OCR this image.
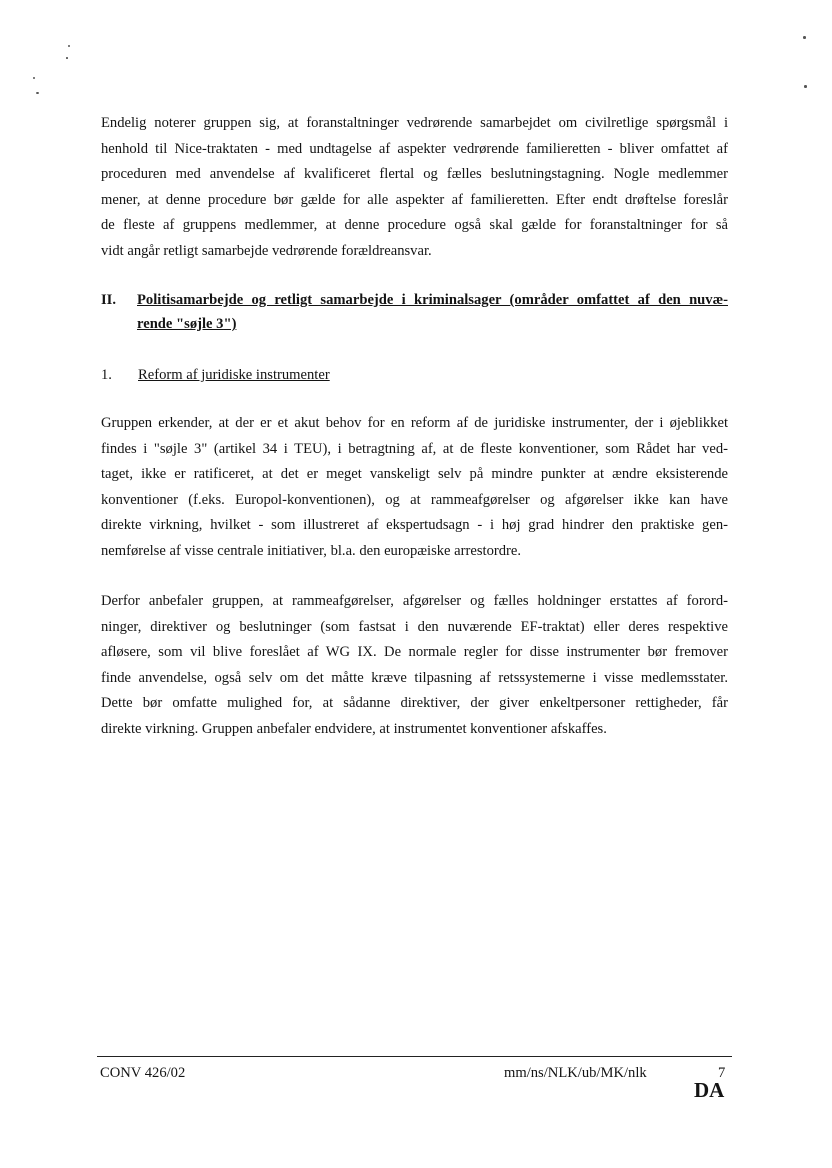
Endelig noterer gruppen sig, at foranstaltninger vedrørende samarbejdet om civilretlige spørgsmål i
henhold til Nice-traktaten - med undtagelse af aspekter vedrørende familieretten - bliver omfattet af
proceduren med anvendelse af kvalificeret flertal og fælles beslutningstagning. Nogle medlemmer
mener, at denne procedure bør gælde for alle aspekter af familieretten. Efter endt drøftelse foreslår
de fleste af gruppens medlemmer, at denne procedure også skal gælde for foranstaltninger for så
vidt angår retligt samarbejde vedrørende forældreansvar.
II. Politisamarbejde og retligt samarbejde i kriminalsager (områder omfattet af den nuvæ-
rende "søjle 3")
1. Reform af juridiske instrumenter
Gruppen erkender, at der er et akut behov for en reform af de juridiske instrumenter, der i øjeblikket
findes i "søjle 3" (artikel 34 i TEU), i betragtning af, at de fleste konventioner, som Rådet har ved-
taget, ikke er ratificeret, at det er meget vanskeligt selv på mindre punkter at ændre eksisterende
konventioner (f.eks. Europol-konventionen), og at rammeafgørelser og afgørelser ikke kan have
direkte virkning, hvilket - som illustreret af ekspertudsagn - i høj grad hindrer den praktiske gen-
nemførelse af visse centrale initiativer, bl.a. den europæiske arrestordre.
Derfor anbefaler gruppen, at rammeafgørelser, afgørelser og fælles holdninger erstattes af forord-
ninger, direktiver og beslutninger (som fastsat i den nuværende EF-traktat) eller deres respektive
afløsere, som vil blive foreslået af WG IX. De normale regler for disse instrumenter bør fremover
finde anvendelse, også selv om det måtte kræve tilpasning af retssystemerne i visse medlemsstater.
Dette bør omfatte mulighed for, at sådanne direktiver, der giver enkeltpersoner rettigheder, får
direkte virkning. Gruppen anbefaler endvidere, at instrumentet konventioner afskaffes.
CONV 426/02	mm/ns/NLK/ub/MK/nlk	7
DA
